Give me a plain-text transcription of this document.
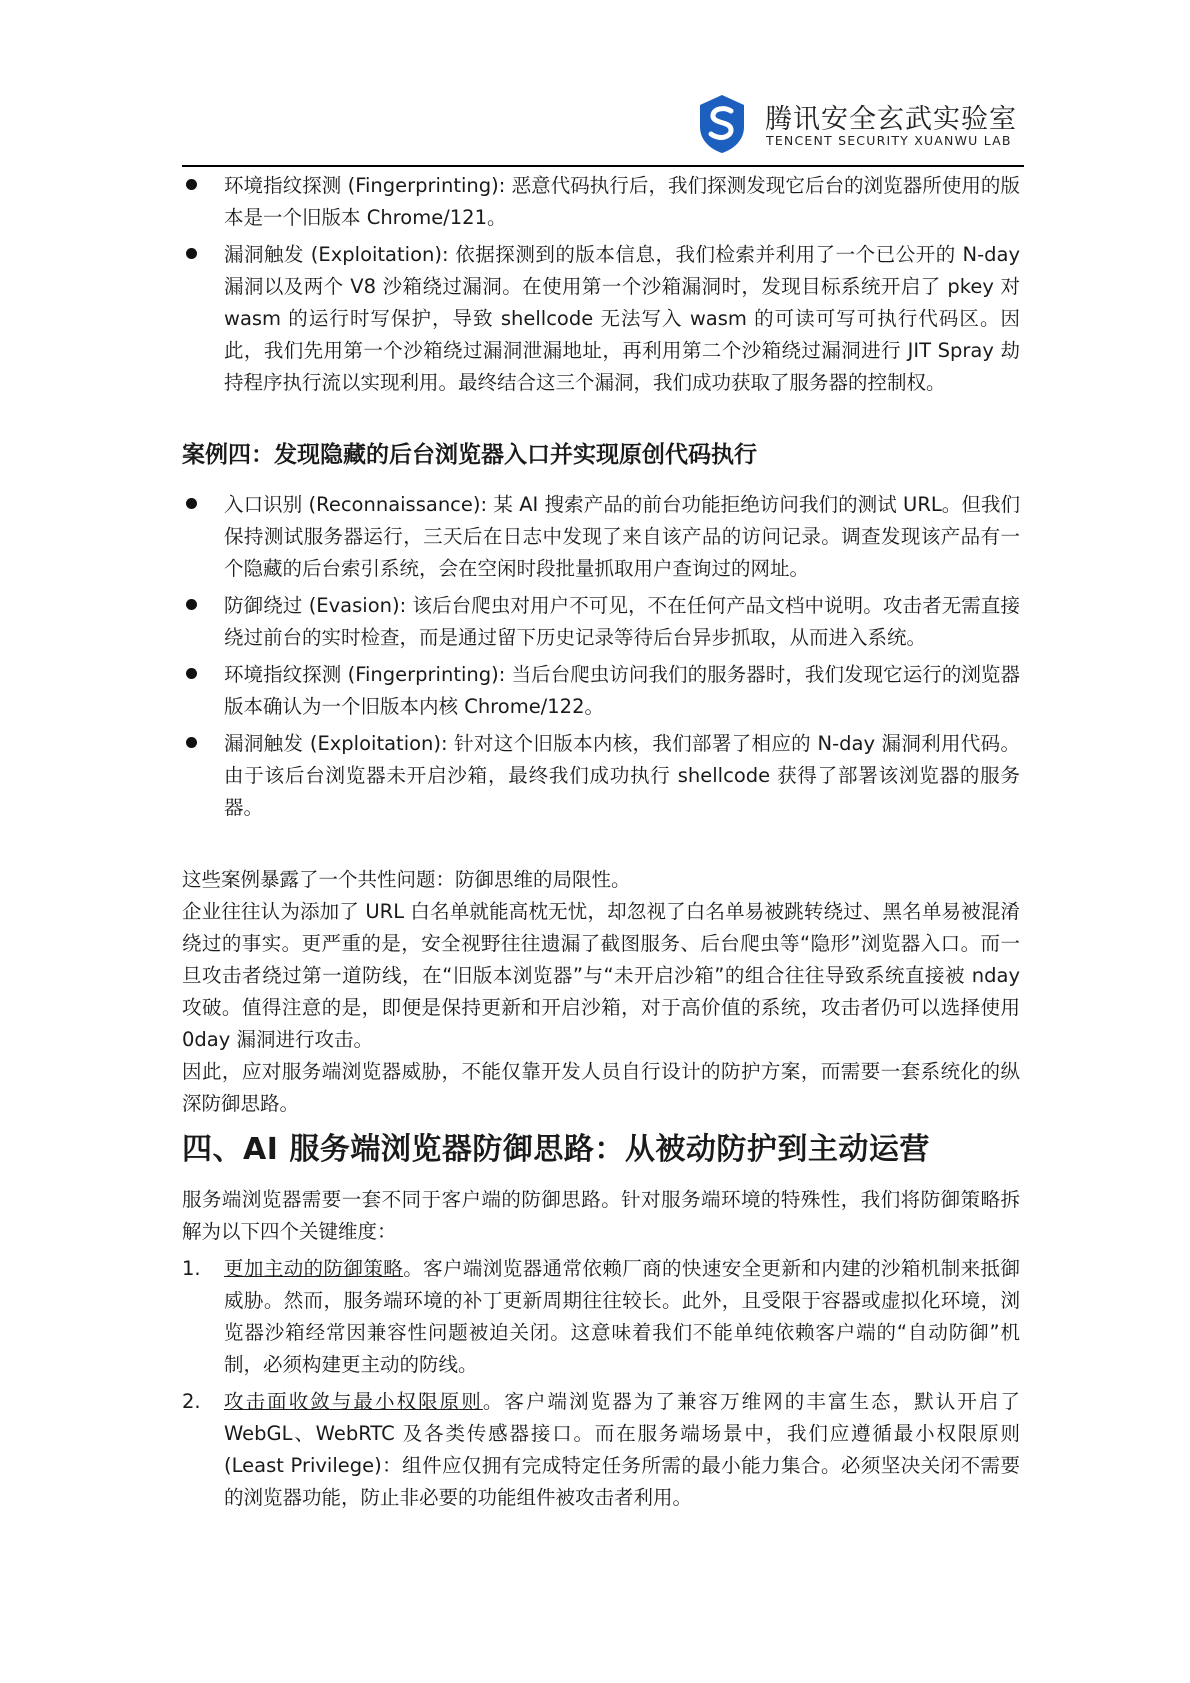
腾讯安全玄武实验室
TENCENT SECURITY XUANWU LAB
环境指纹探测 (Fingerprinting): 恶意代码执行后，我们探测发现它后台的浏览器所使用的版本是一个旧版本 Chrome/121。
漏洞触发 (Exploitation): 依据探测到的版本信息，我们检索并利用了一个已公开的 N-day 漏洞以及两个 V8 沙箱绕过漏洞。在使用第一个沙箱漏洞时，发现目标系统开启了 pkey 对 wasm 的运行时写保护，导致 shellcode 无法写入 wasm 的可读可写可执行代码区。因此，我们先用第一个沙箱绕过漏洞泄漏地址，再利用第二个沙箱绕过漏洞进行 JIT Spray 劫持程序执行流以实现利用。最终结合这三个漏洞，我们成功获取了服务器的控制权。
案例四：发现隐藏的后台浏览器入口并实现原创代码执行
入口识别 (Reconnaissance): 某 AI 搜索产品的前台功能拒绝访问我们的测试 URL。但我们保持测试服务器运行，三天后在日志中发现了来自该产品的访问记录。调查发现该产品有一个隐藏的后台索引系统，会在空闲时段批量抓取用户查询过的网址。
防御绕过 (Evasion): 该后台爬虫对用户不可见，不在任何产品文档中说明。攻击者无需直接绕过前台的实时检查，而是通过留下历史记录等待后台异步抓取，从而进入系统。
环境指纹探测 (Fingerprinting): 当后台爬虫访问我们的服务器时，我们发现它运行的浏览器版本确认为一个旧版本内核 Chrome/122。
漏洞触发 (Exploitation): 针对这个旧版本内核，我们部署了相应的 N-day 漏洞利用代码。由于该后台浏览器未开启沙箱，最终我们成功执行 shellcode 获得了部署该浏览器的服务器。

这些案例暴露了一个共性问题：防御思维的局限性。

企业往往认为添加了 URL 白名单就能高枕无忧，却忽视了白名单易被跳转绕过、黑名单易被混淆绕过的事实。更严重的是，安全视野往往遗漏了截图服务、后台爬虫等“隐形”浏览器入口。而一旦攻击者绕过第一道防线，在“旧版本浏览器”与“未开启沙箱”的组合往往导致系统直接被 nday 攻破。值得注意的是，即便是保持更新和开启沙箱，对于高价值的系统，攻击者仍可以选择使用 0day 漏洞进行攻击。

因此，应对服务端浏览器威胁，不能仅靠开发人员自行设计的防护方案，而需要一套系统化的纵深防御思路。

四、AI 服务端浏览器防御思路：从被动防护到主动运营

服务端浏览器需要一套不同于客户端的防御思路。针对服务端环境的特殊性，我们将防御策略拆解为以下四个关键维度：

1.	更加主动的防御策略。客户端浏览器通常依赖厂商的快速安全更新和内建的沙箱机制来抵御威胁。然而，服务端环境的补丁更新周期往往较长。此外，且受限于容器或虚拟化环境，浏览器沙箱经常因兼容性问题被迫关闭。这意味着我们不能单纯依赖客户端的“自动防御”机制，必须构建更主动的防线。
2.	攻击面收敛与最小权限原则。客户端浏览器为了兼容万维网的丰富生态，默认开启了 WebGL、WebRTC 及各类传感器接口。而在服务端场景中，我们应遵循最小权限原则 (Least Privilege)：组件应仅拥有完成特定任务所需的最小能力集合。必须坚决关闭不需要的浏览器功能，防止非必要的功能组件被攻击者利用。
